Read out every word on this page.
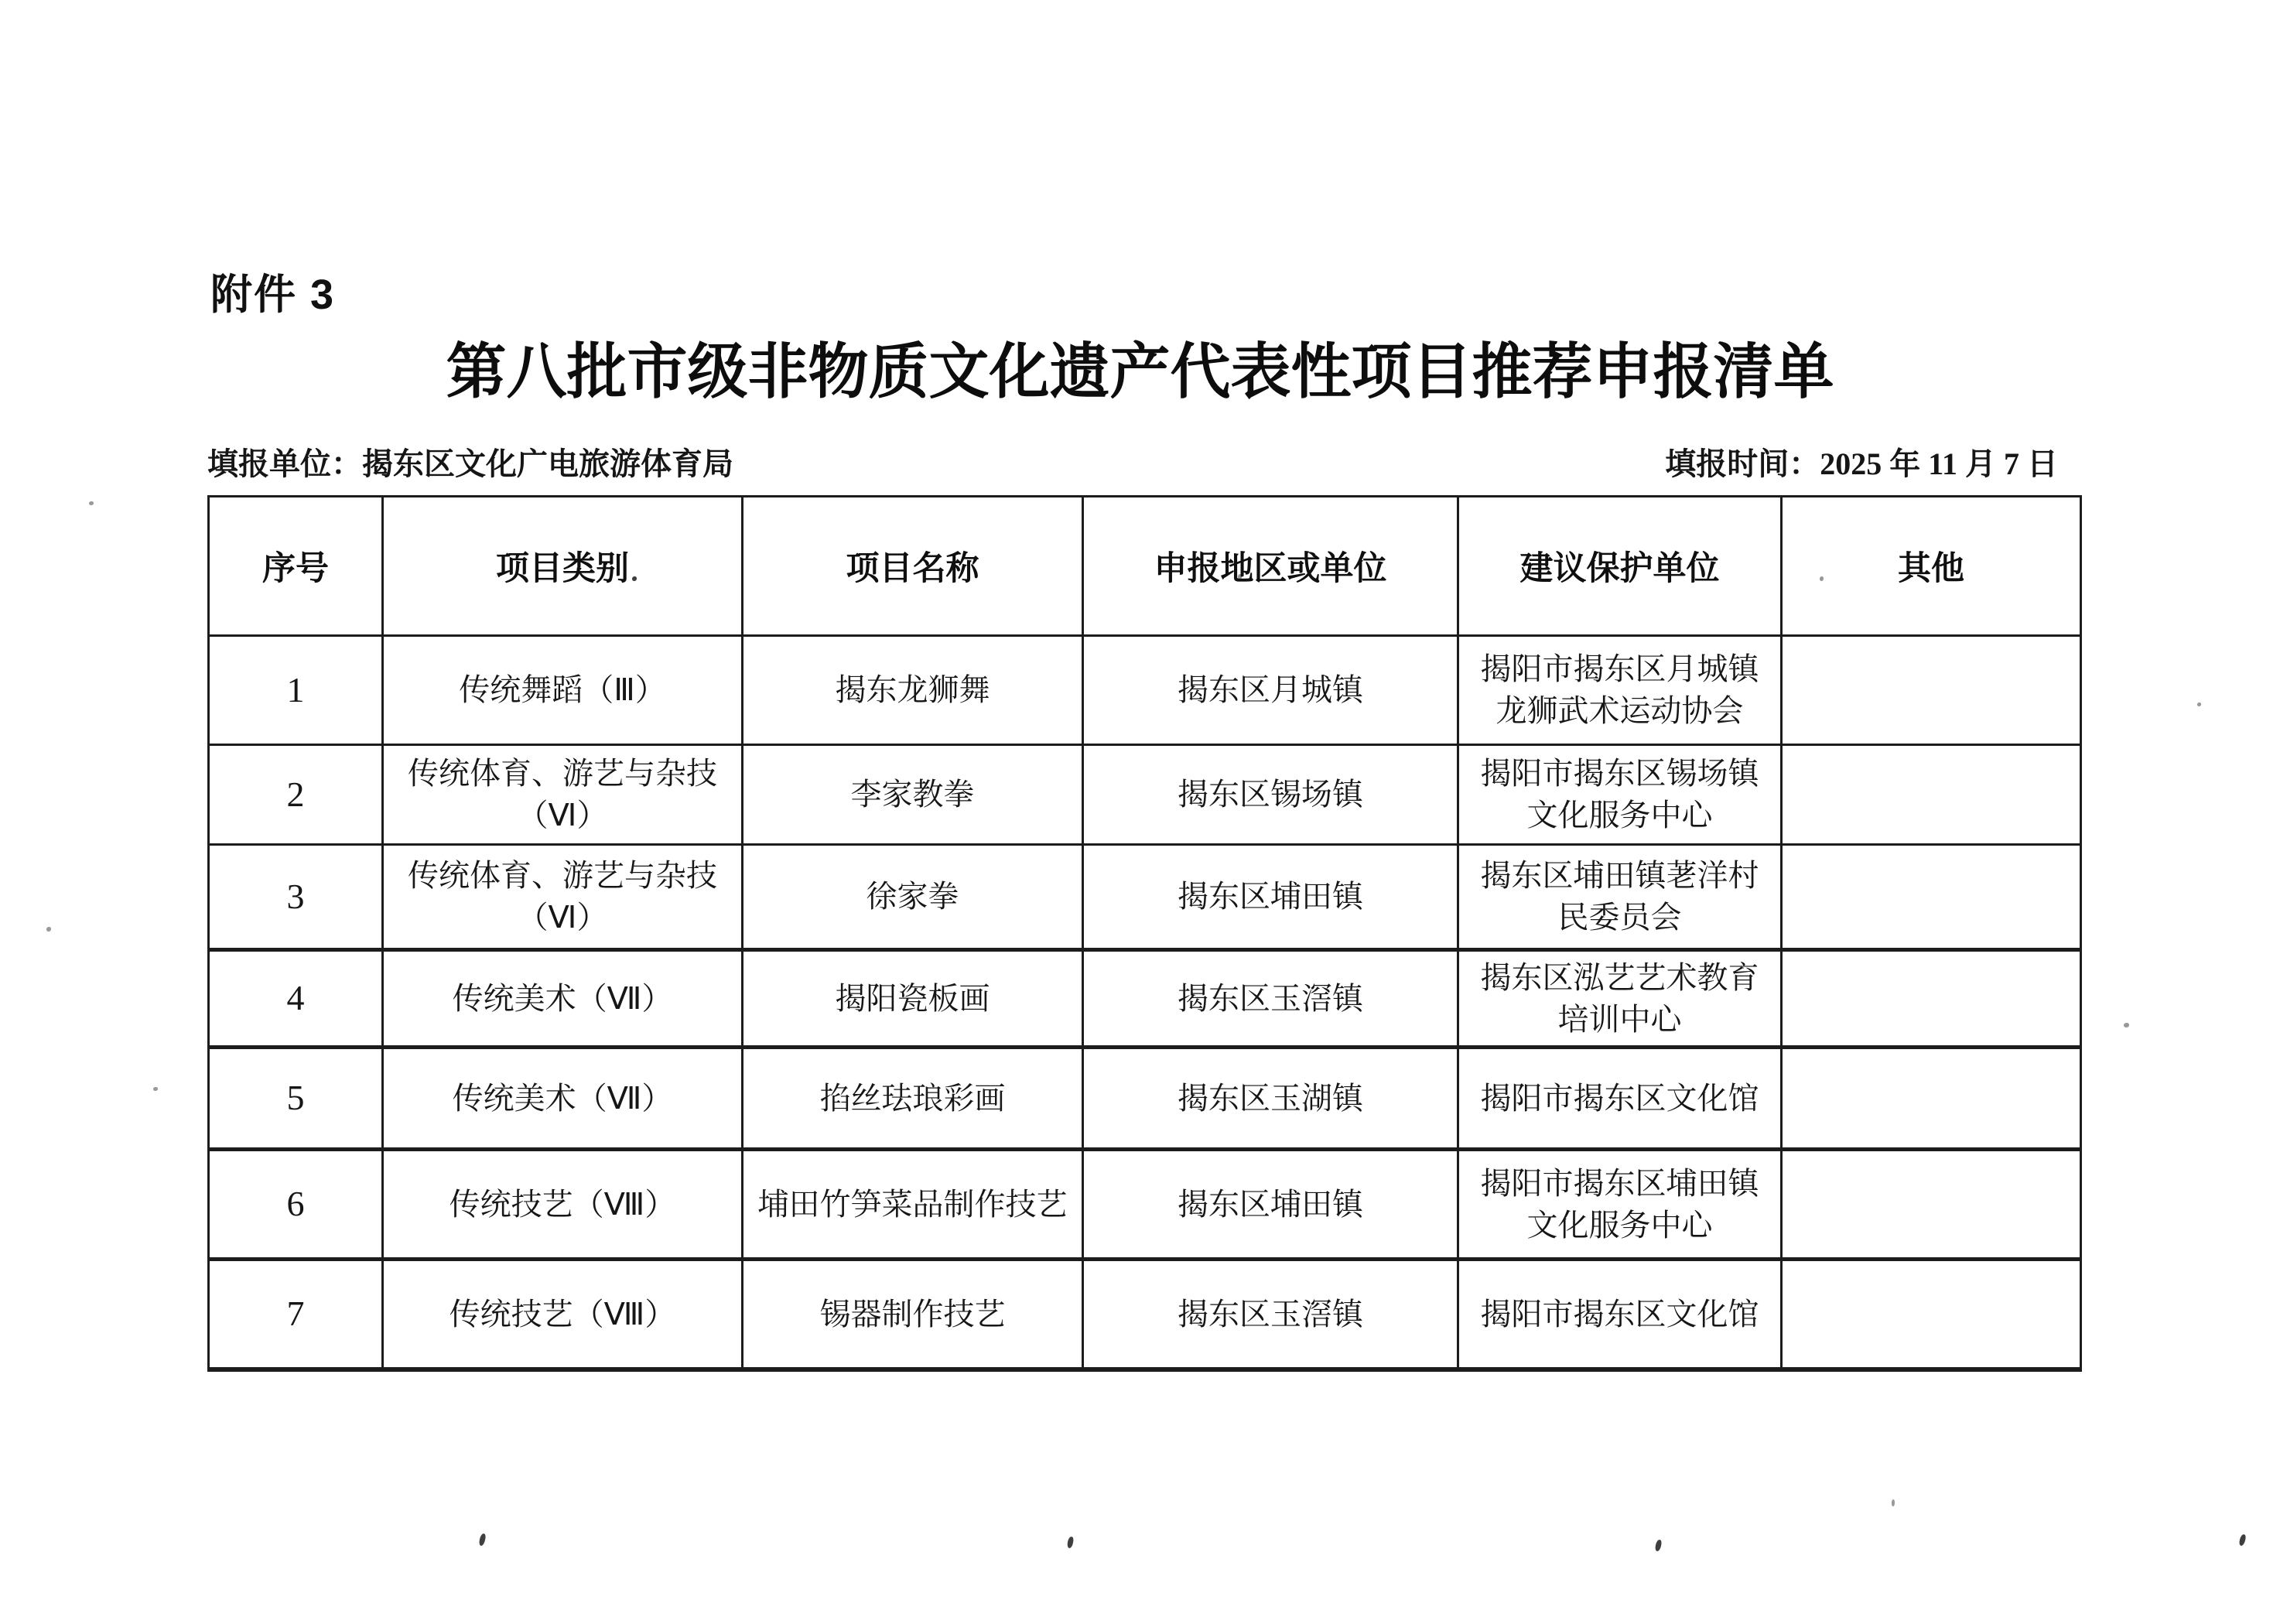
附件 3
第八批市级非物质文化遗产代表性项目推荐申报清单
填报单位：揭东区文化广电旅游体育局	填报时间：2025 年 11 月 7 日
序号	项目类别	项目名称	申报地区或单位	建议保护单位	其他
1	传统舞蹈（Ⅲ）	揭东龙狮舞	揭东区月城镇	揭阳市揭东区月城镇龙狮武术运动协会	
2	传统体育、游艺与杂技（Ⅵ）	李家教拳	揭东区锡场镇	揭阳市揭东区锡场镇文化服务中心	
3	传统体育、游艺与杂技（Ⅵ）	徐家拳	揭东区埔田镇	揭东区埔田镇荖洋村民委员会	
4	传统美术（Ⅶ）	揭阳瓷板画	揭东区玉滘镇	揭东区泓艺艺术教育培训中心	
5	传统美术（Ⅶ）	掐丝珐琅彩画	揭东区玉湖镇	揭阳市揭东区文化馆	
6	传统技艺（Ⅷ）	埔田竹笋菜品制作技艺	揭东区埔田镇	揭阳市揭东区埔田镇文化服务中心	
7	传统技艺（Ⅷ）	锡器制作技艺	揭东区玉滘镇	揭阳市揭东区文化馆	
